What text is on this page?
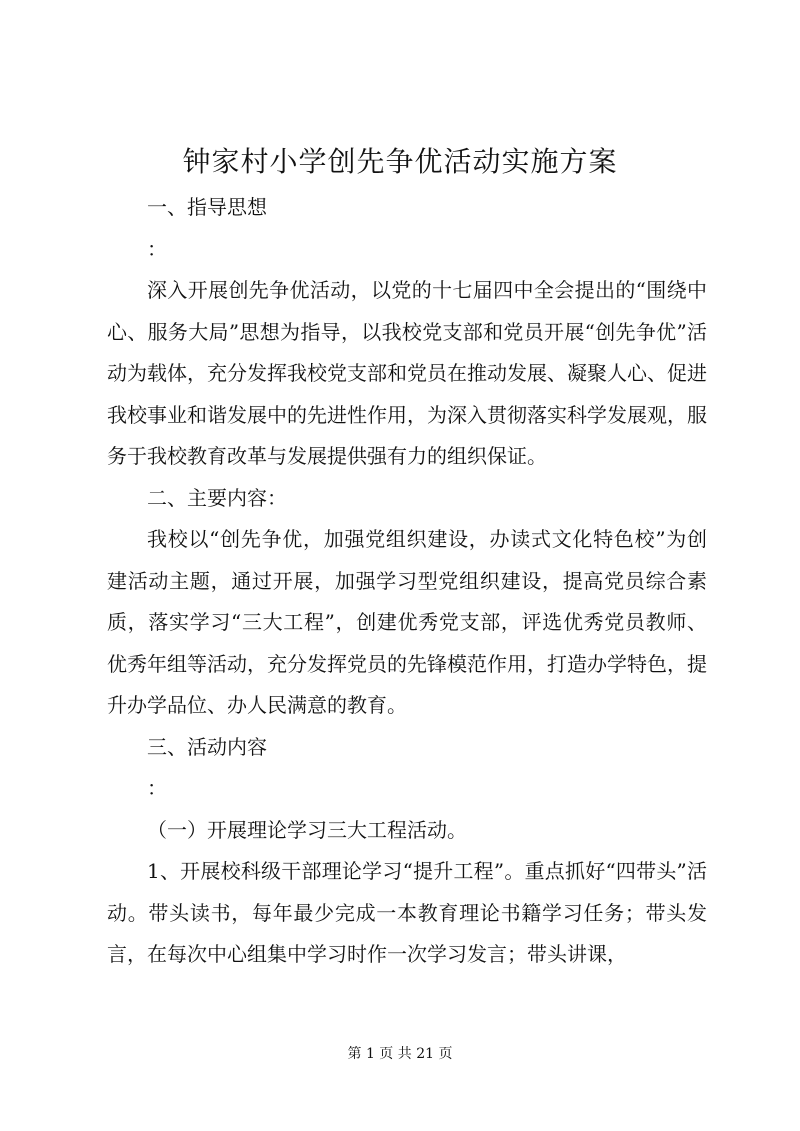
钟家村小学创先争优活动实施方案

一、指导思想

：

深入开展创先争优活动，以党的十七届四中全会提出的“围绕中心、服务大局”思想为指导，以我校党支部和党员开展“创先争优”活动为载体，充分发挥我校党支部和党员在推动发展、凝聚人心、促进我校事业和谐发展中的先进性作用，为深入贯彻落实科学发展观，服务于我校教育改革与发展提供强有力的组织保证。

二、主要内容：

我校以“创先争优，加强党组织建设，办读式文化特色校”为创建活动主题，通过开展，加强学习型党组织建设，提高党员综合素质，落实学习“三大工程”，创建优秀党支部，评选优秀党员教师、优秀年组等活动，充分发挥党员的先锋模范作用，打造办学特色，提升办学品位、办人民满意的教育。

三、活动内容

：

（一）开展理论学习三大工程活动。

1、开展校科级干部理论学习“提升工程”。重点抓好“四带头”活动。带头读书，每年最少完成一本教育理论书籍学习任务；带头发言，在每次中心组集中学习时作一次学习发言；带头讲课，

第 1 页 共 21 页
